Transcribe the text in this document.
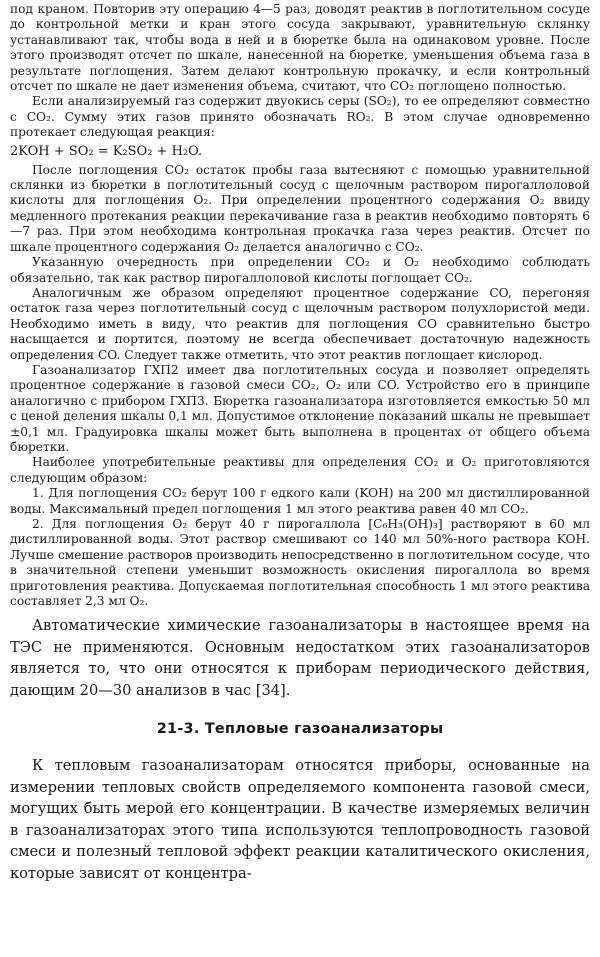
под краном. Повторив эту операцию 4—5 раз, доводят реактив в поглотительном сосуде до контрольной метки и кран этого сосуда закрывают, уравнительную склянку устанавливают так, чтобы вода в ней и в бюретке была на одинаковом уровне. После этого производят отсчет по шкале, нанесенной на бюретке, уменьшения объема газа в результате поглощения. Затем делают контрольную прокачку, и если контрольный отсчет по шкале не дает изменения объема, считают, что CO₂ поглощено полностью.

Если анализируемый газ содержит двуокись серы (SO₂), то ее определяют совместно с CO₂. Сумму этих газов принято обозначать RO₂. В этом случае одновременно протекает следующая реакция:

2KOH + SO₂ = K₂SO₂ + H₂O.

После поглощения CO₂ остаток пробы газа вытесняют с помощью уравнительной склянки из бюретки в поглотительный сосуд с щелочным раствором пирогаллоловой кислоты для поглощения O₂. При определении процентного содержания O₂ ввиду медленного протекания реакции перекачивание газа в реактив необходимо повторять 6—7 раз. При этом необходима контрольная прокачка газа через реактив. Отсчет по шкале процентного содержания O₂ делается аналогично с CO₂.

Указанную очередность при определении CO₂ и O₂ необходимо соблюдать обязательно, так как раствор пирогаллоловой кислоты поглощает CO₂.

Аналогичным же образом определяют процентное содержание CO, перегоняя остаток газа через поглотительный сосуд с щелочным раствором полухлористой меди. Необходимо иметь в виду, что реактив для поглощения CO сравнительно быстро насыщается и портится, поэтому не всегда обеспечивает достаточную надежность определения CO. Следует также отметить, что этот реактив поглощает кислород.

Газоанализатор ГХП2 имеет два поглотительных сосуда и позволяет определять процентное содержание в газовой смеси CO₂, O₂ или CO. Устройство его в принципе аналогично с прибором ГХП3. Бюретка газоанализатора изготовляется емкостью 50 мл с ценой деления шкалы 0,1 мл. Допустимое отклонение показаний шкалы не превышает ±0,1 мл. Градуировка шкалы может быть выполнена в процентах от общего объема бюретки.

Наиболее употребительные реактивы для определения CO₂ и O₂ приготовляются следующим образом:

1. Для поглощения CO₂ берут 100 г едкого кали (KOH) на 200 мл дистиллированной воды. Максимальный предел поглощения 1 мл этого реактива равен 40 мл CO₂.

2. Для поглощения O₂ берут 40 г пирогаллола [C₆H₃(OH)₃] растворяют в 60 мл дистиллированной воды. Этот раствор смешивают со 140 мл 50%-ного раствора KOH. Лучше смешение растворов производить непосредственно в поглотительном сосуде, что в значительной степени уменьшит возможность окисления пирогаллола во время приготовления реактива. Допускаемая поглотительная способность 1 мл этого реактива составляет 2,3 мл O₂.

Автоматические химические газоанализаторы в настоящее время на ТЭС не применяются. Основным недостатком этих газоанализаторов является то, что они относятся к приборам периодического действия, дающим 20—30 анализов в час [34].

21-3. Тепловые газоанализаторы

К тепловым газоанализаторам относятся приборы, основанные на измерении тепловых свойств определяемого компонента газовой смеси, могущих быть мерой его концентрации. В качестве измеряемых величин в газоанализаторах этого типа используются теплопроводность газовой смеси и полезный тепловой эффект реакции каталитического окисления, которые зависят от концентра-
